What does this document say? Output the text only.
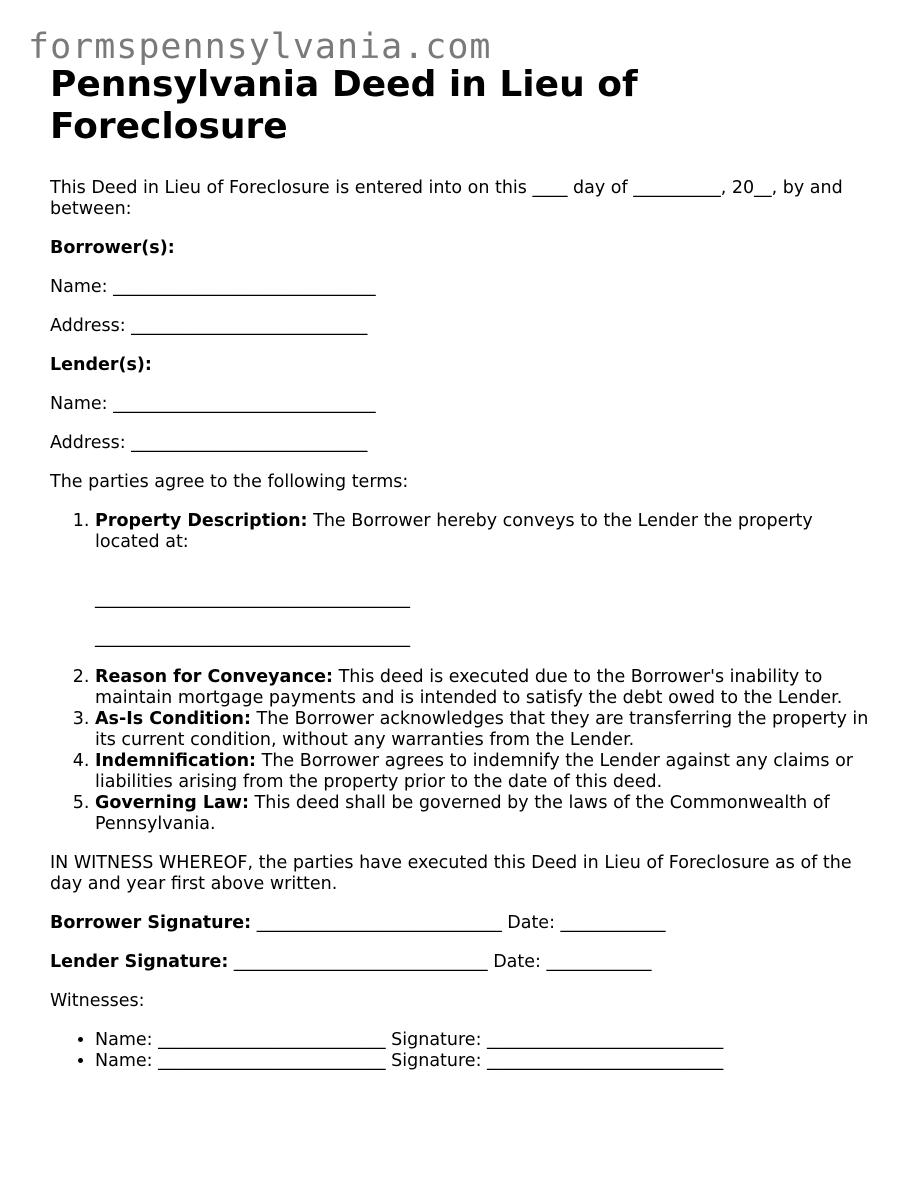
formspennsylvania.com
Pennsylvania Deed in Lieu of Foreclosure

This Deed in Lieu of Foreclosure is entered into on this ____ day of __________, 20__, by and between:

Borrower(s):

Name: ______________________________

Address: ___________________________

Lender(s):

Name: ______________________________

Address: ___________________________

The parties agree to the following terms:

1. Property Description: The Borrower hereby conveys to the Lender the property located at:
____________________________________
____________________________________
2. Reason for Conveyance: This deed is executed due to the Borrower's inability to maintain mortgage payments and is intended to satisfy the debt owed to the Lender.
3. As-Is Condition: The Borrower acknowledges that they are transferring the property in its current condition, without any warranties from the Lender.
4. Indemnification: The Borrower agrees to indemnify the Lender against any claims or liabilities arising from the property prior to the date of this deed.
5. Governing Law: This deed shall be governed by the laws of the Commonwealth of Pennsylvania.

IN WITNESS WHEREOF, the parties have executed this Deed in Lieu of Foreclosure as of the day and year first above written.

Borrower Signature: ____________________________ Date: ____________

Lender Signature: _____________________________ Date: ____________

Witnesses:

• Name: __________________________ Signature: ___________________________
• Name: __________________________ Signature: ___________________________
